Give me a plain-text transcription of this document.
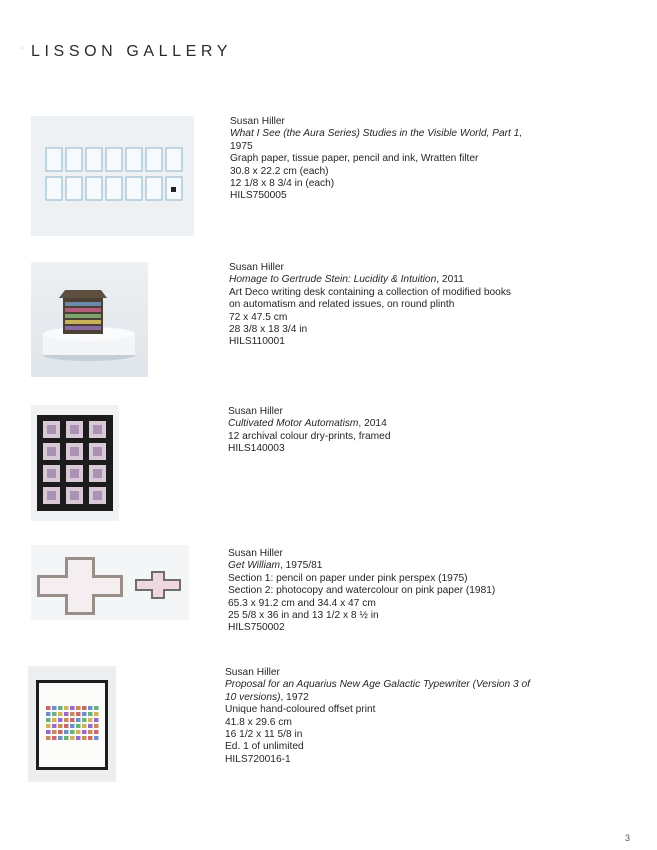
‘ LISSON GALLERY
Susan Hiller
What I See (the Aura Series) Studies in the Visible World, Part 1,
1975
Graph paper, tissue paper, pencil and ink, Wratten filter
30.8 x 22.2 cm (each)
12 1/8 x 8 3/4 in (each)
HILS750005
Susan Hiller
Homage to Gertrude Stein: Lucidity & Intuition, 2011
Art Deco writing desk containing a collection of modified books
on automatism and related issues, on round plinth
72 x 47.5 cm
28 3/8 x 18 3/4 in
HILS110001
Susan Hiller
Cultivated Motor Automatism, 2014
12 archival colour dry-prints, framed
HILS140003
Susan Hiller
Get William, 1975/81
Section 1: pencil on paper under pink perspex (1975)
Section 2: photocopy and watercolour on pink paper (1981)
65.3 x 91.2 cm and 34.4 x 47 cm
25 5/8 x 36 in and 13 1/2 x 8 ½ in
HILS750002
Susan Hiller
Proposal for an Aquarius New Age Galactic Typewriter (Version 3 of
10 versions), 1972
Unique hand-coloured offset print
41.8 x 29.6 cm
16 1/2 x 11 5/8 in
Ed. 1 of unlimited
HILS720016-1
3
